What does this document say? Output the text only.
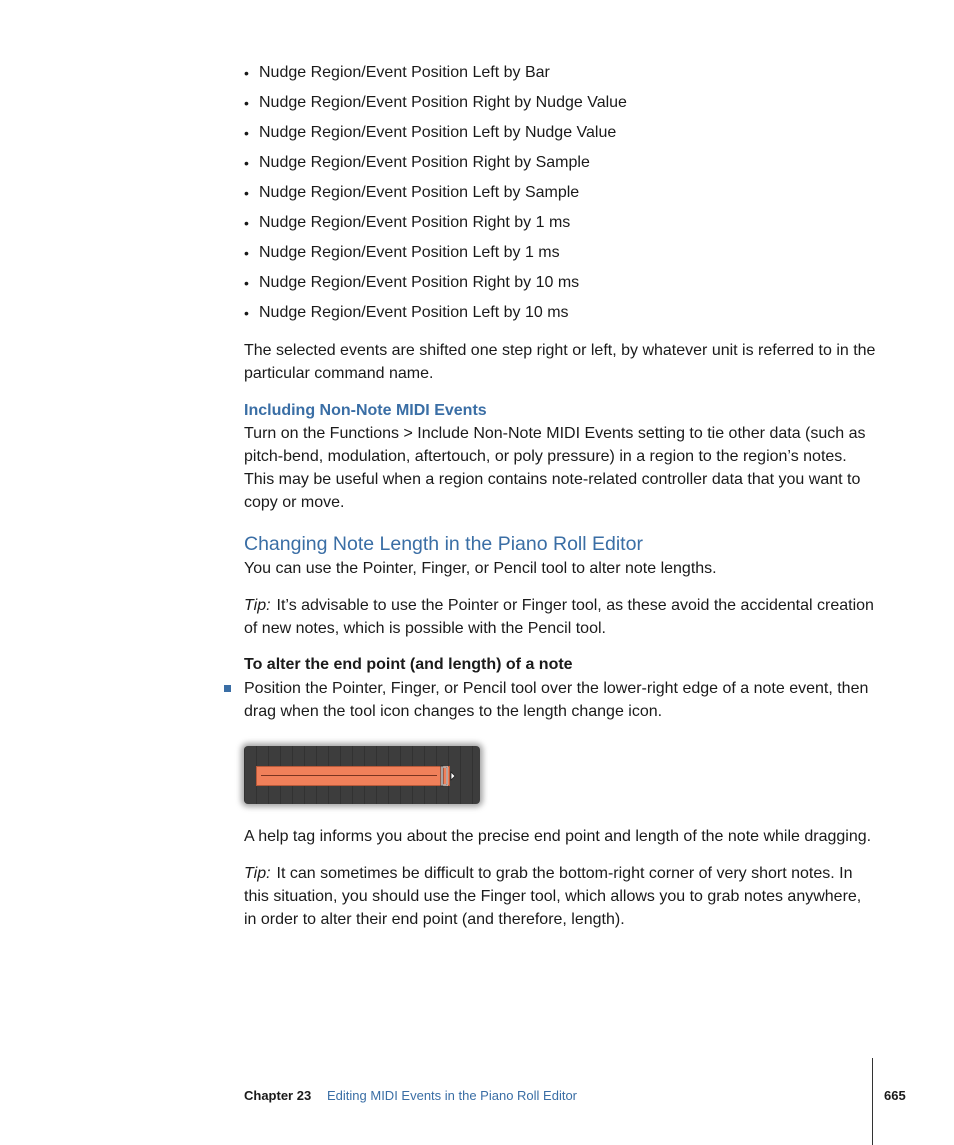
• Nudge Region/Event Position Left by Bar
• Nudge Region/Event Position Right by Nudge Value
• Nudge Region/Event Position Left by Nudge Value
• Nudge Region/Event Position Right by Sample
• Nudge Region/Event Position Left by Sample
• Nudge Region/Event Position Right by 1 ms
• Nudge Region/Event Position Left by 1 ms
• Nudge Region/Event Position Right by 10 ms
• Nudge Region/Event Position Left by 10 ms

The selected events are shifted one step right or left, by whatever unit is referred to in the particular command name.

Including Non-Note MIDI Events

Turn on the Functions > Include Non-Note MIDI Events setting to tie other data (such as pitch-bend, modulation, aftertouch, or poly pressure) in a region to the region’s notes. This may be useful when a region contains note-related controller data that you want to copy or move.

Changing Note Length in the Piano Roll Editor

You can use the Pointer, Finger, or Pencil tool to alter note lengths.

Tip: It’s advisable to use the Pointer or Finger tool, as these avoid the accidental creation of new notes, which is possible with the Pencil tool.

To alter the end point (and length) of a note

Position the Pointer, Finger, or Pencil tool over the lower-right edge of a note event, then drag when the tool icon changes to the length change icon.

A help tag informs you about the precise end point and length of the note while dragging.

Tip: It can sometimes be difficult to grab the bottom-right corner of very short notes. In this situation, you should use the Finger tool, which allows you to grab notes anywhere, in order to alter their end point (and therefore, length).

Chapter 23 Editing MIDI Events in the Piano Roll Editor	665
